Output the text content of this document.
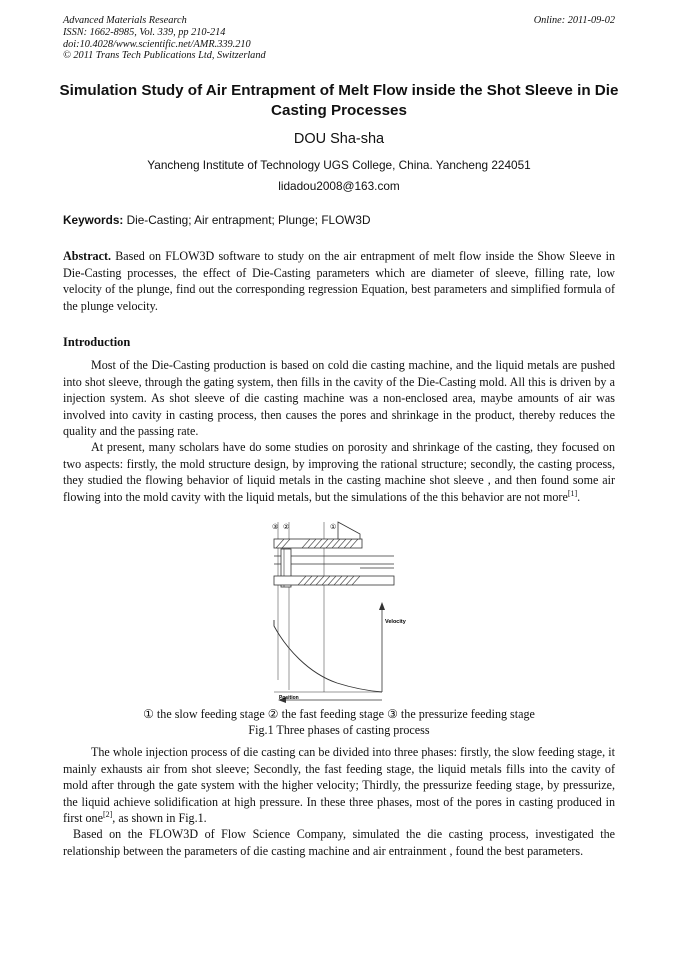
Advanced Materials Research
ISSN: 1662-8985, Vol. 339, pp 210-214
doi:10.4028/www.scientific.net/AMR.339.210
© 2011 Trans Tech Publications Ltd, Switzerland
Online: 2011-09-02
Simulation Study of Air Entrapment of Melt Flow inside the Shot Sleeve in Die Casting Processes
DOU Sha-sha
Yancheng Institute of Technology UGS College, China. Yancheng 224051
lidadou2008@163.com
Keywords: Die-Casting; Air entrapment; Plunge; FLOW3D
Abstract. Based on FLOW3D software to study on the air entrapment of melt flow inside the Show Sleeve in Die-Casting processes, the effect of Die-Casting parameters which are diameter of sleeve, filling rate, low velocity of the plunge, find out the corresponding regression Equation, best parameters and simplified formula of the plunge velocity.
Introduction
Most of the Die-Casting production is based on cold die casting machine, and the liquid metals are pushed into shot sleeve, through the gating system, then fills in the cavity of the Die-Casting mold. All this is driven by a injection system. As shot sleeve of die casting machine was a non-enclosed area, maybe amounts of air was involved into cavity in casting process, then causes the pores and shrinkage in the product, thereby reduces the quality and the passing rate.
At present, many scholars have do some studies on porosity and shrinkage of the casting, they focused on two aspects: firstly, the mold structure design, by improving the rational structure; secondly, the casting process, they studied the flowing behavior of liquid metals in the casting machine shot sleeve , and then found some air flowing into the mold cavity with the liquid metals, but the simulations of the this behavior are not more[1].
③ ②	①
Velocity
Position
① the slow feeding stage ② the fast feeding stage ③ the pressurize feeding stage
Fig.1 Three phases of casting process
The whole injection process of die casting can be divided into three phases: firstly, the slow feeding stage, it mainly exhausts air from shot sleeve; Secondly, the fast feeding stage, the liquid metals fills into the cavity of mold after through the gate system with the higher velocity; Thirdly, the pressurize feeding stage, by pressurize, the liquid achieve solidification at high pressure. In these three phases, most of the pores in casting produced in first one[2], as shown in Fig.1.
Based on the FLOW3D of Flow Science Company, simulated the die casting process, investigated the relationship between the parameters of die casting machine and air entrainment , found the best parameters.
